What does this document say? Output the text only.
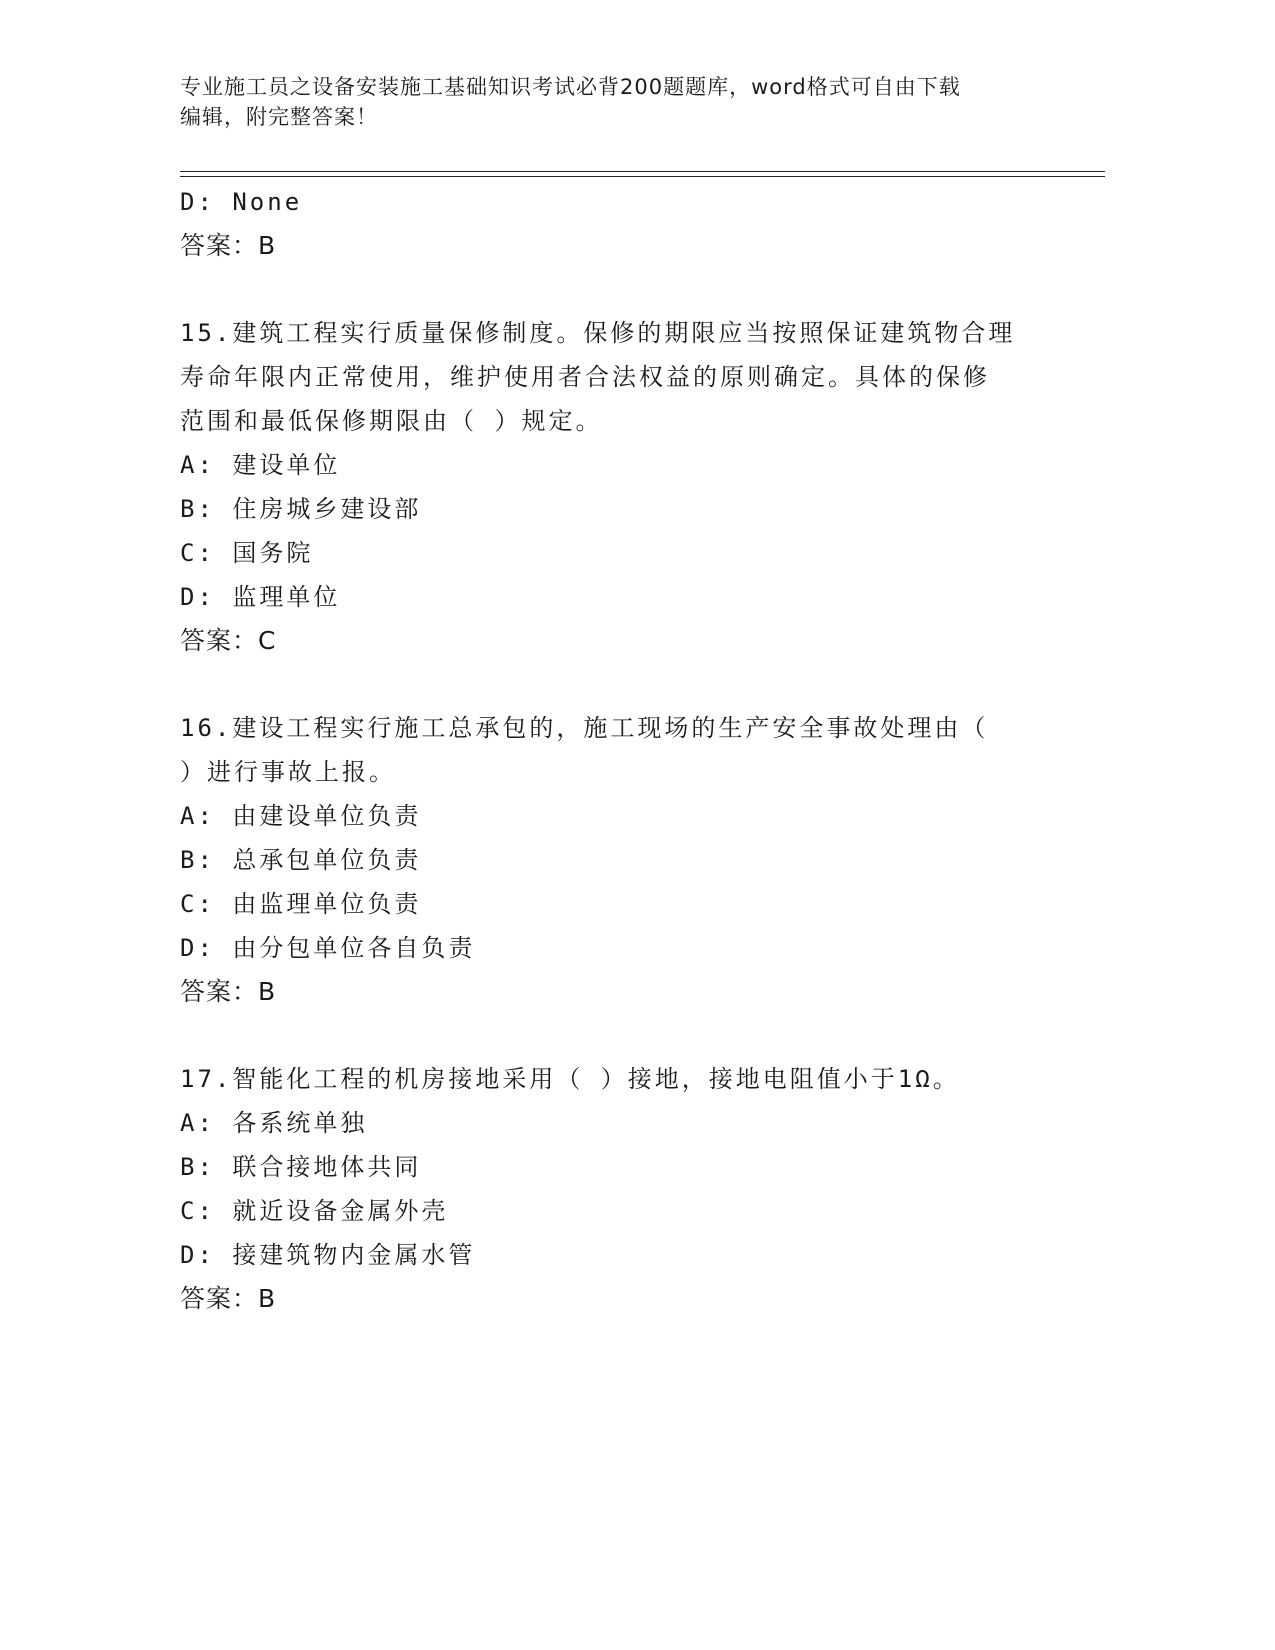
专业施工员之设备安装施工基础知识考试必背200题题库，word格式可自由下载
编辑，附完整答案！
D: None
答案：B
15.建筑工程实行质量保修制度。保修的期限应当按照保证建筑物合理
寿命年限内正常使用，维护使用者合法权益的原则确定。具体的保修
范围和最低保修期限由（ ）规定。
A: 建设单位
B: 住房城乡建设部
C: 国务院
D: 监理单位
答案：C
16.建设工程实行施工总承包的，施工现场的生产安全事故处理由（
）进行事故上报。
A: 由建设单位负责
B: 总承包单位负责
C: 由监理单位负责
D: 由分包单位各自负责
答案：B
17.智能化工程的机房接地采用（ ）接地，接地电阻值小于1Ω。
A: 各系统单独
B: 联合接地体共同
C: 就近设备金属外壳
D: 接建筑物内金属水管
答案：B
